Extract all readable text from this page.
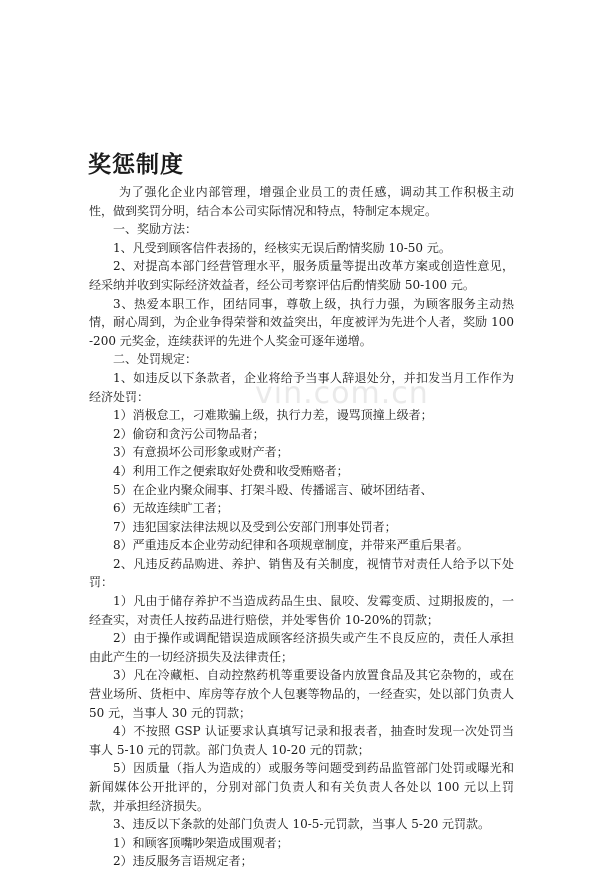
奖惩制度

为了强化企业内部管理，增强企业员工的责任感，调动其工作积极主动性，做到奖罚分明，结合本公司实际情况和特点，特制定本规定。

一、奖励方法：

1、凡受到顾客信件表扬的，经核实无误后酌情奖励 10-50 元。

2、对提高本部门经营管理水平，服务质量等提出改革方案或创造性意见，经采纳并收到实际经济效益者，经公司考察评估后酌情奖励 50-100 元。

3、热爱本职工作，团结同事，尊敬上级，执行力强，为顾客服务主动热情，耐心周到，为企业争得荣誉和效益突出，年度被评为先进个人者，奖励 100-200 元奖金，连续获评的先进个人奖金可逐年递增。

二、处罚规定：

1、如违反以下条款者，企业将给予当事人辞退处分，并扣发当月工作作为经济处罚：

1）消极怠工，刁难欺骗上级，执行力差，谩骂顶撞上级者；

2）偷窃和贪污公司物品者；

3）有意损坏公司形象或财产者；

4）利用工作之便索取好处费和收受贿赂者；

5）在企业内聚众闹事、打架斗殴、传播谣言、破坏团结者、

6）无故连续旷工者；

7）违犯国家法律法规以及受到公安部门刑事处罚者；

8）严重违反本企业劳动纪律和各项规章制度，并带来严重后果者。

2、凡违反药品购进、养护、销售及有关制度，视情节对责任人给予以下处罚：

1）凡由于储存养护不当造成药品生虫、鼠咬、发霉变质、过期报废的，一经查实，对责任人按药品进行赔偿，并处零售价 10-20%的罚款；

2）由于操作或调配错误造成顾客经济损失或产生不良反应的，责任人承担由此产生的一切经济损失及法律责任；

3）凡在冷藏柜、自动控熬药机等重要设备内放置食品及其它杂物的，或在营业场所、货柜中、库房等存放个人包裹等物品的，一经查实，处以部门负责人 50 元，当事人 30 元的罚款；

4）不按照 GSP 认证要求认真填写记录和报表者，抽查时发现一次处罚当事人 5-10 元的罚款。部门负责人 10-20 元的罚款；

5）因质量（指人为造成的）或服务等问题受到药品监管部门处罚或曝光和新闻媒体公开批评的，分别对部门负责人和有关负责人各处以 100 元以上罚款，并承担经济损失。

3、违反以下条款的处部门负责人 10-5-元罚款，当事人 5-20 元罚款。

1）和顾客顶嘴吵架造成围观者；

2）违反服务言语规定者；

vin.com.cn
